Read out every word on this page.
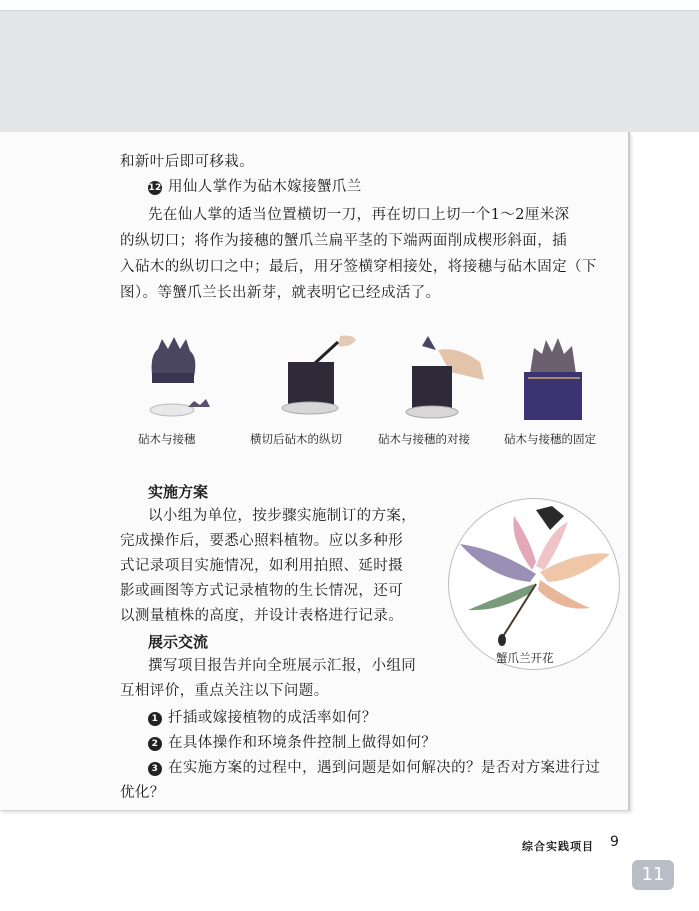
和新叶后即可移栽。
12 用仙人掌作为砧木嫁接蟹爪兰
先在仙人掌的适当位置横切一刀，再在切口上切一个1～2厘米深
的纵切口；将作为接穗的蟹爪兰扁平茎的下端两面削成楔形斜面，插
入砧木的纵切口之中；最后，用牙签横穿相接处，将接穗与砧木固定（下
图）。等蟹爪兰长出新芽，就表明它已经成活了。
砧木与接穗	横切后砧木的纵切	砧木与接穗的对接	砧木与接穗的固定
实施方案
以小组为单位，按步骤实施制订的方案，
完成操作后，要悉心照料植物。应以多种形
式记录项目实施情况，如利用拍照、延时摄
影或画图等方式记录植物的生长情况，还可
以测量植株的高度，并设计表格进行记录。
蟹爪兰开花
展示交流
撰写项目报告并向全班展示汇报，小组同
互相评价，重点关注以下问题。
1 扦插或嫁接植物的成活率如何？
2 在具体操作和环境条件控制上做得如何？
3 在实施方案的过程中，遇到问题是如何解决的？是否对方案进行过
优化？
综合实践项目 9
11
